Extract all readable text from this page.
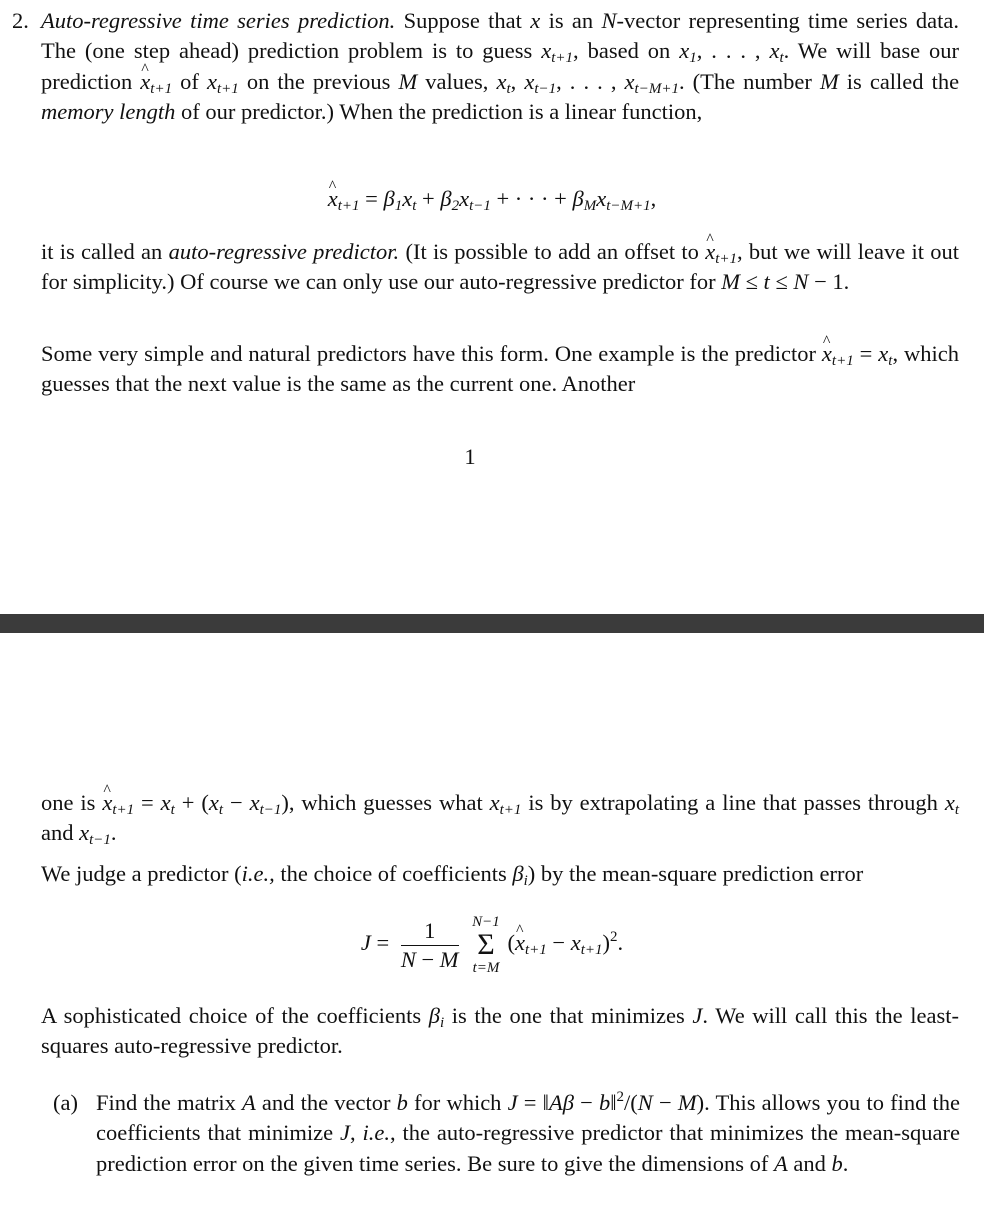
2. Auto-regressive time series prediction. Suppose that x is an N-vector representing time series data. The (one step ahead) prediction problem is to guess $x_{t+1}$, based on $x_1$, . . . , $x_t$. We will base our prediction x $\^{}_{t+1}$ of $x_{t+1}$ on the previous M values, $x_t$, $x_{t-1}$, . . . , $x_{t-M+1}$. (The number M is called the memory length of our predictor.) When the prediction is a linear function,
x $\^{}_{t+1} = \beta_1x_t + \beta_2x_{t-1}$ + · · · + $\beta_Mx_{t-M+1}$,
it is called an auto-regressive predictor. (It is possible to add an offset to x $\^{}_{t+1}$, but we will leave it out for simplicity.) Of course we can only use our auto-regressive predictor for M ≤ t ≤ N − 1.
Some very simple and natural predictors have this form. One example is the predictor x $\^{}_{t+1} = x_t$, which guesses that the next value is the same as the current one. Another
1
one is x $\^{}_{t+1} = x_t + (x_t - x_{t-1})$, which guesses what $x_{t+1}$ is by extrapolating a line that passes through $x_t$ and $x_{t-1}$.
We judge a predictor (i.e., the choice of coefficients $\beta_i$) by the mean-square prediction error
$J = \frac{1}{N - M}$
N−1
Σ
t=M
(x $\^{}_{t+1} - x_{t+1})^2$.
A sophisticated choice of the coefficients $\beta_i$ is the one that minimizes J. We will call this the least-squares auto-regressive predictor.
(a) Find the matrix A and the vector b for which J = ‖Aβ − b‖$^2$/(N − M). This allows you to find the coefficients that minimize J, i.e., the auto-regressive predictor that minimizes the mean-square prediction error on the given time series. Be sure to give the dimensions of A and b.
